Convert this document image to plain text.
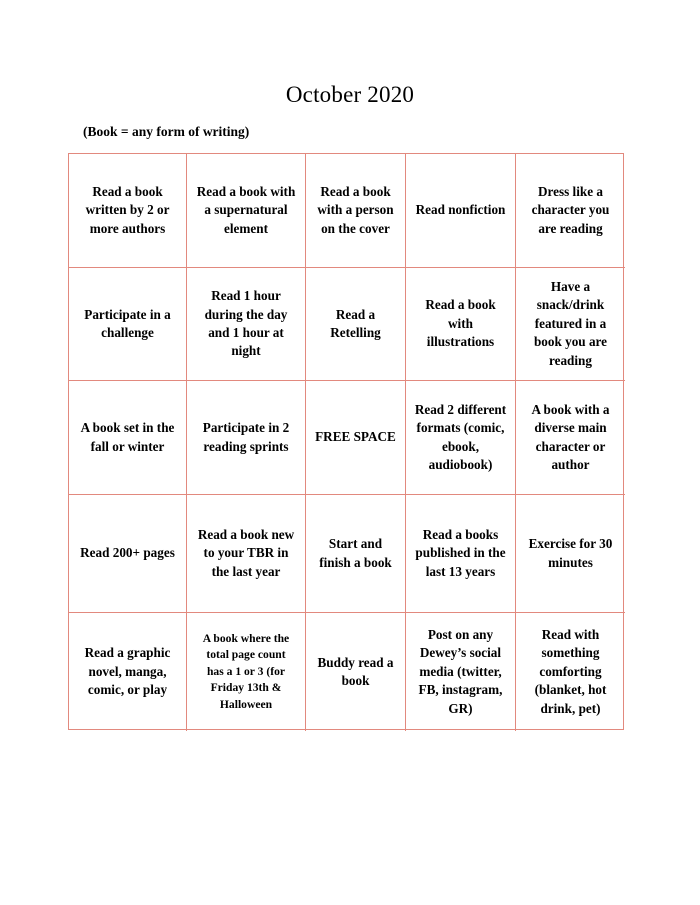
October 2020
(Book = any form of writing)
Read a book
written by 2 or
more authors
Read a book with
a supernatural
element
Read a book
with a person
on the cover
Read nonfiction
Dress like a
character you
are reading
Participate in a
challenge
Read 1 hour
during the day
and 1 hour at
night
Read a
Retelling
Read a book
with
illustrations
Have a
snack/drink
featured in a
book you are
reading
A book set in the
fall or winter
Participate in 2
reading sprints
FREE SPACE
Read 2 different
formats (comic,
ebook,
audiobook)
A book with a
diverse main
character or
author
Read 200+ pages
Read a book new
to your TBR in
the last year
Start and
finish a book
Read a books
published in the
last 13 years
Exercise for 30
minutes
Read a graphic
novel, manga,
comic, or play
A book where the
total page count
has a 1 or 3 (for
Friday 13th &
Halloween
Buddy read a
book
Post on any
Dewey’s social
media (twitter,
FB, instagram,
GR)
Read with
something
comforting
(blanket, hot
drink, pet)
